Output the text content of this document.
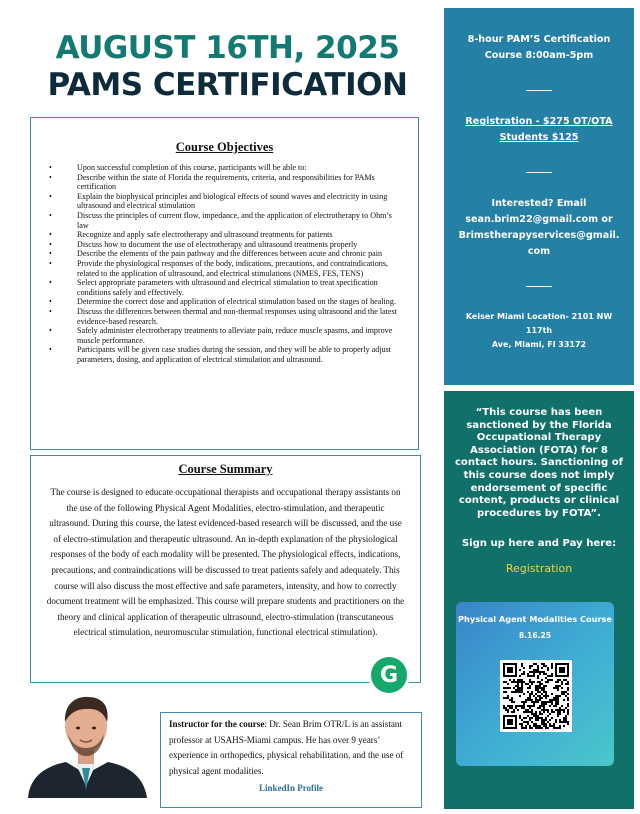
AUGUST 16TH, 2025
PAMS CERTIFICATION
Course Objectives
• Upon successful completion of this course, participants will be able to:
• Describe within the state of Florida the requirements, criteria, and responsibilities for PAMs certification
• Explain the biophysical principles and biological effects of sound waves and electricity in using ultrasound and electrical stimulation
• Discuss the principles of current flow, impedance, and the application of electrotherapy to Ohm’s law
• Recognize and apply safe electrotherapy and ultrasound treatments for patients
• Discuss how to document the use of electrotherapy and ultrasound treatments properly
• Describe the elements of the pain pathway and the differences between acute and chronic pain
• Provide the physiological responses of the body, indications, precautions, and contraindications, related to the application of ultrasound, and electrical stimulations (NMES, FES, TENS)
• Select appropriate parameters with ultrasound and electrical stimulation to treat specification conditions safely and effectively.
• Determine the correct dose and application of electrical stimulation based on the stages of healing.
• Discuss the differences between thermal and non-thermal responses using ultrasound and the latest evidence-based research.
• Safely administer electrotherapy treatments to alleviate pain, reduce muscle spasms, and improve muscle performance.
• Participants will be given case studies during the session, and they will be able to properly adjust parameters, dosing, and application of electrical stimulation and ultrasound.
Course Summary

The course is designed to educate occupational therapists and occupational therapy assistants on the use of the following Physical Agent Modalities, electro-stimulation, and therapeutic ultrasound. During this course, the latest evidenced-based research will be discussed, and the use of electro-stimulation and therapeutic ultrasound. An in-depth explanation of the physiological responses of the body of each modality will be presented. The physiological effects, indications, precautions, and contraindications will be discussed to treat patients safely and adequately. This course will also discuss the most effective and safe parameters, intensity, and how to correctly document treatment will be emphasized. This course will prepare students and practitioners on the theory and clinical application of therapeutic ultrasound, electro-stimulation (transcutaneous electrical stimulation, neuromuscular stimulation, functional electrical stimulation).

G

Instructor for the course: Dr. Sean Brim OTR/L is an assistant professor at USAHS-Miami campus. He has over 9 years’ experience in orthopedics, physical rehabilitation, and the use of physical agent modalities.

LinkedIn Profile
8-hour PAM’S Certification
Course 8:00am-5pm
Registration - $275 OT/OTA
Students $125
Interested? Email
sean.brim22@gmail.com or
Brimstherapyservices@gmail.
com
Keiser Miami Location- 2101 NW 117th
Ave, Miami, Fl 33172
“This course has been sanctioned by the Florida Occupational Therapy Association (FOTA) for 8 contact hours. Sanctioning of this course does not imply endorsement of specific content, products or clinical procedures by FOTA”.
Sign up here and Pay here:
Registration
Physical Agent Modalities Course
8.16.25
